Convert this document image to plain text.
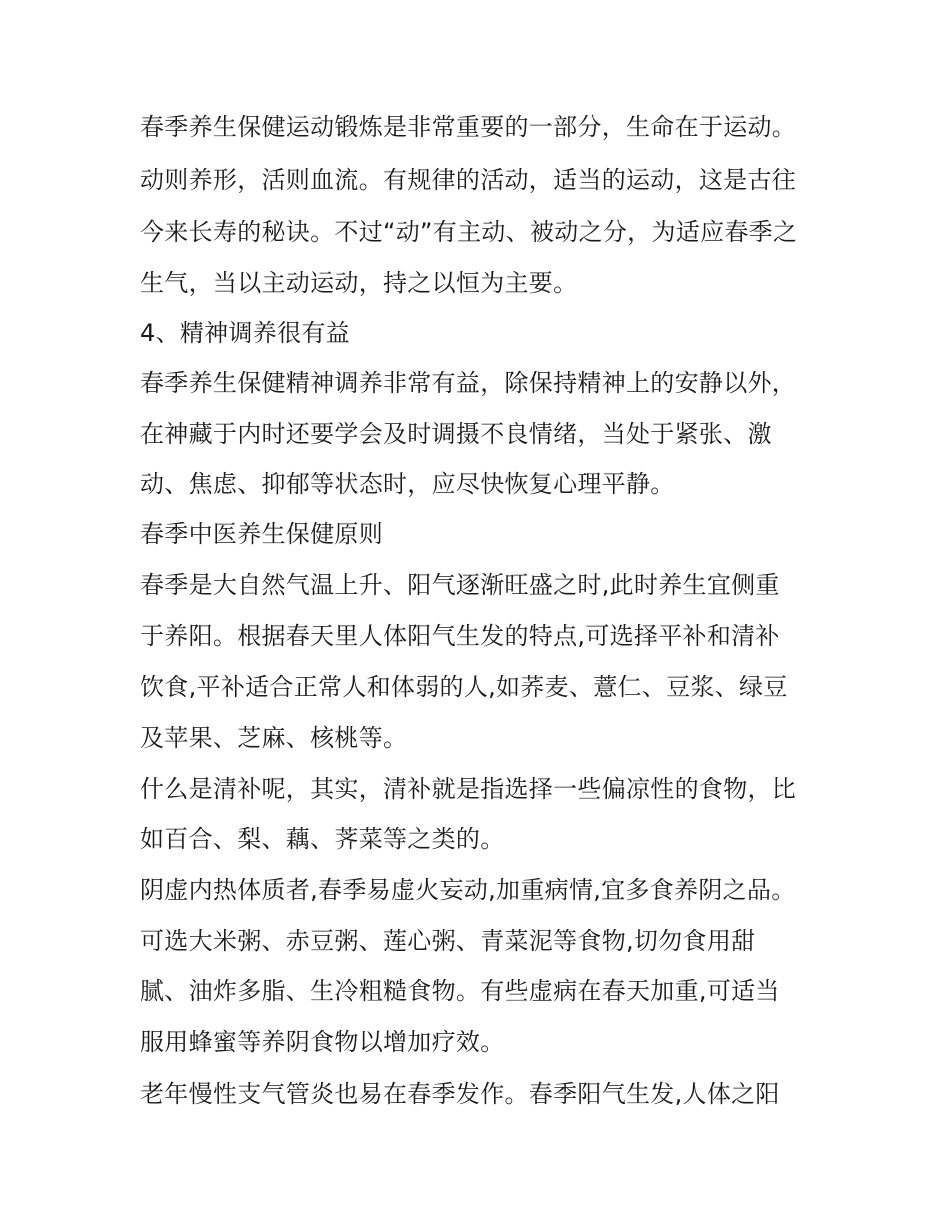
春季养生保健运动锻炼是非常重要的一部分，生命在于运动。
动则养形，活则血流。有规律的活动，适当的运动，这是古往
今来长寿的秘诀。不过“动”有主动、被动之分，为适应春季之
生气，当以主动运动，持之以恒为主要。
4、精神调养很有益
春季养生保健精神调养非常有益，除保持精神上的安静以外，
在神藏于内时还要学会及时调摄不良情绪，当处于紧张、激
动、焦虑、抑郁等状态时，应尽快恢复心理平静。
春季中医养生保健原则
春季是大自然气温上升、阳气逐渐旺盛之时,此时养生宜侧重
于养阳。根据春天里人体阳气生发的特点,可选择平补和清补
饮食,平补适合正常人和体弱的人,如荞麦、薏仁、豆浆、绿豆
及苹果、芝麻、核桃等。
什么是清补呢，其实，清补就是指选择一些偏凉性的食物，比
如百合、梨、藕、荠菜等之类的。
阴虚内热体质者,春季易虚火妄动,加重病情,宜多食养阴之品。
可选大米粥、赤豆粥、莲心粥、青菜泥等食物,切勿食用甜
腻、油炸多脂、生冷粗糙食物。有些虚病在春天加重,可适当
服用蜂蜜等养阴食物以增加疗效。
老年慢性支气管炎也易在春季发作。春季阳气生发,人体之阳
